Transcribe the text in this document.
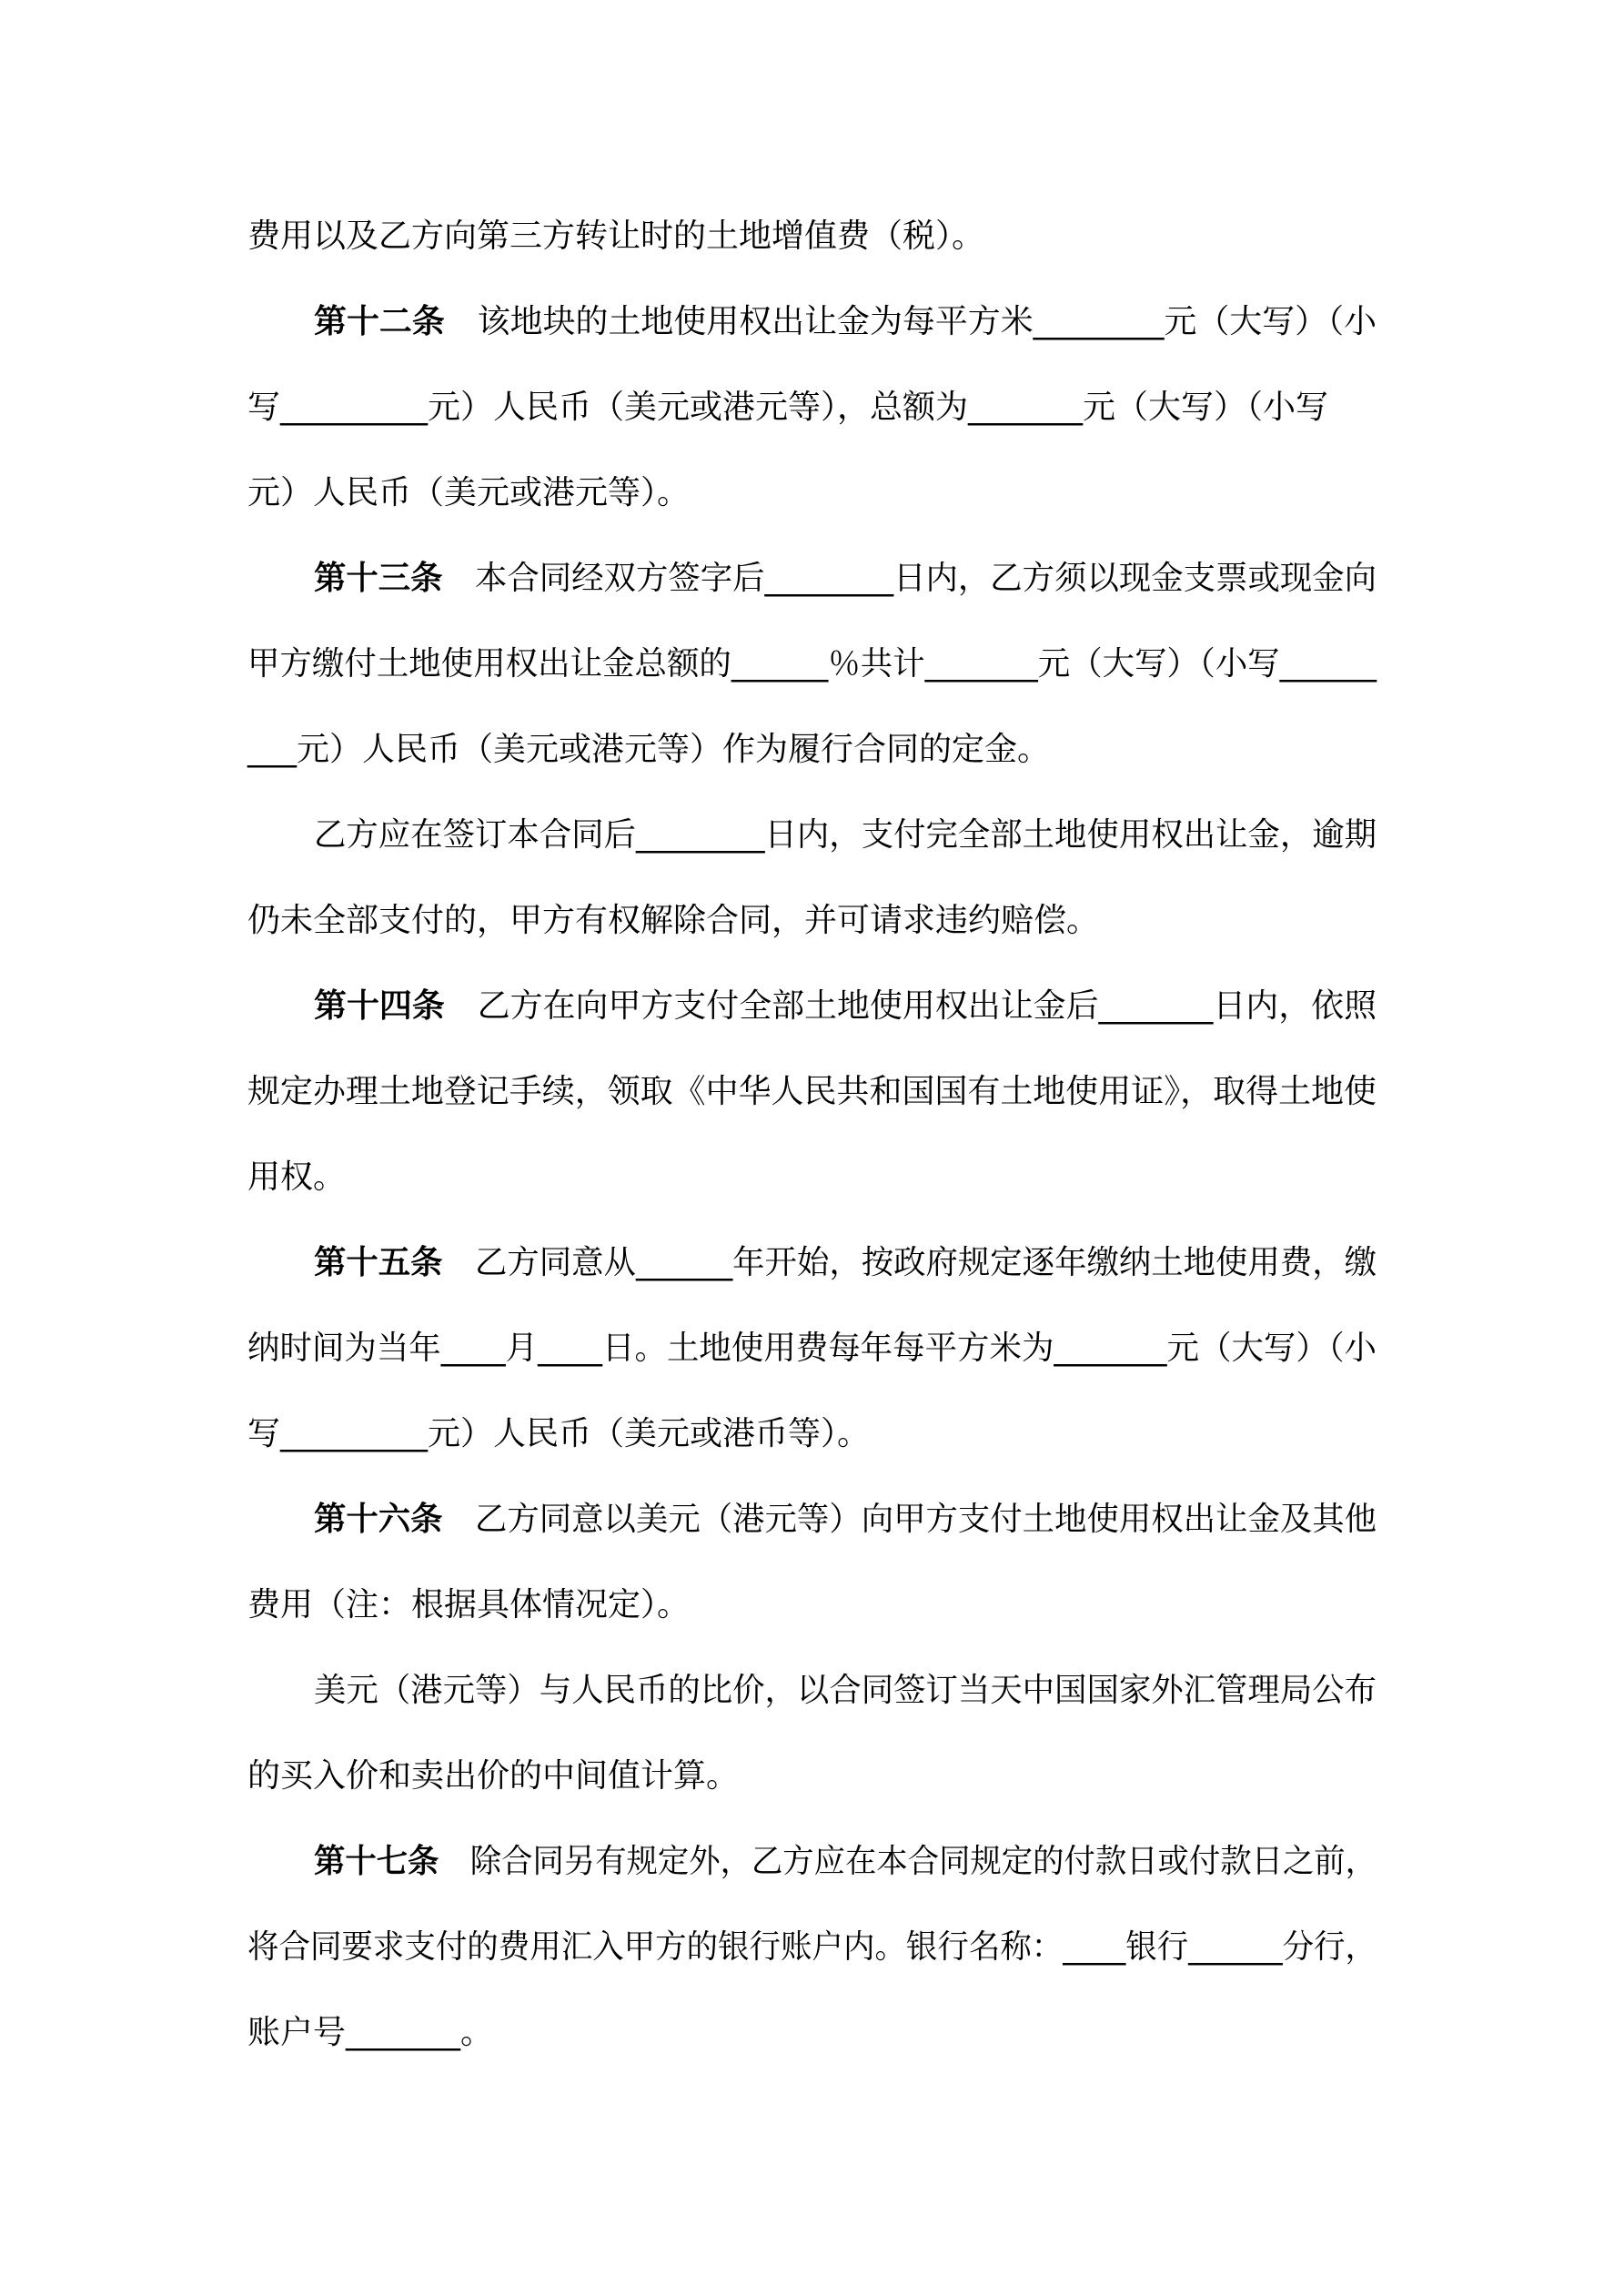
费用以及乙方向第三方转让时的土地增值费（税）。
第十二条　该地块的土地使用权出让金为每平方米________元（大写）（小
写_________元）人民币（美元或港元等），总额为_______元（大写）（小写
元）人民币（美元或港元等）。
第十三条　本合同经双方签字后________日内，乙方须以现金支票或现金向
甲方缴付土地使用权出让金总额的______％共计_______元（大写）（小写______
___元）人民币（美元或港元等）作为履行合同的定金。
乙方应在签订本合同后________日内，支付完全部土地使用权出让金，逾期
仍未全部支付的，甲方有权解除合同，并可请求违约赔偿。
第十四条　乙方在向甲方支付全部土地使用权出让金后_______日内，依照
规定办理土地登记手续，领取《中华人民共和国国有土地使用证》，取得土地使
用权。
第十五条　乙方同意从______年开始，按政府规定逐年缴纳土地使用费，缴
纳时间为当年____月____日。土地使用费每年每平方米为_______元（大写）（小
写_________元）人民币（美元或港币等）。
第十六条　乙方同意以美元（港元等）向甲方支付土地使用权出让金及其他
费用（注：根据具体情况定）。
美元（港元等）与人民币的比价，以合同签订当天中国国家外汇管理局公布
的买入价和卖出价的中间值计算。
第十七条　除合同另有规定外，乙方应在本合同规定的付款日或付款日之前，
将合同要求支付的费用汇入甲方的银行账户内。银行名称：____银行______分行，
账户号_______。
